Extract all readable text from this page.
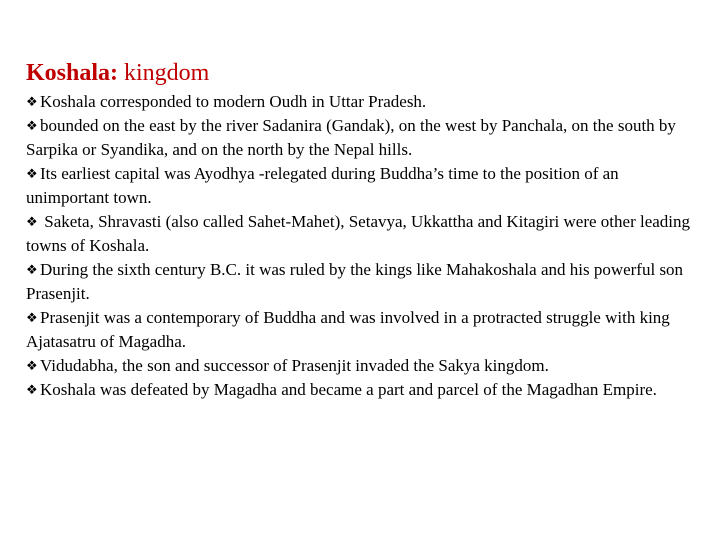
Koshala: kingdom
❖ Koshala corresponded to modern Oudh in Uttar Pradesh.
❖ bounded on the east by the river Sadanira (Gandak), on the west by Panchala, on the south by Sarpika or Syandika, and on the north by the Nepal hills.
❖ Its earliest capital was Ayodhya -relegated during Buddha’s time to the position of an unimportant town.
❖ Saketa, Shravasti (also called Sahet-Mahet), Setavya, Ukkattha and Kitagiri were other leading towns of Koshala.
❖ During the sixth century B.C. it was ruled by the kings like Mahakoshala and his powerful son Prasenjit.
❖ Prasenjit was a contemporary of Buddha and was involved in a protracted struggle with king Ajatasatru of Magadha.
❖ Vidudabha, the son and successor of Prasenjit invaded the Sakya kingdom.
❖ Koshala was defeated by Magadha and became a part and parcel of the Magadhan Empire.
